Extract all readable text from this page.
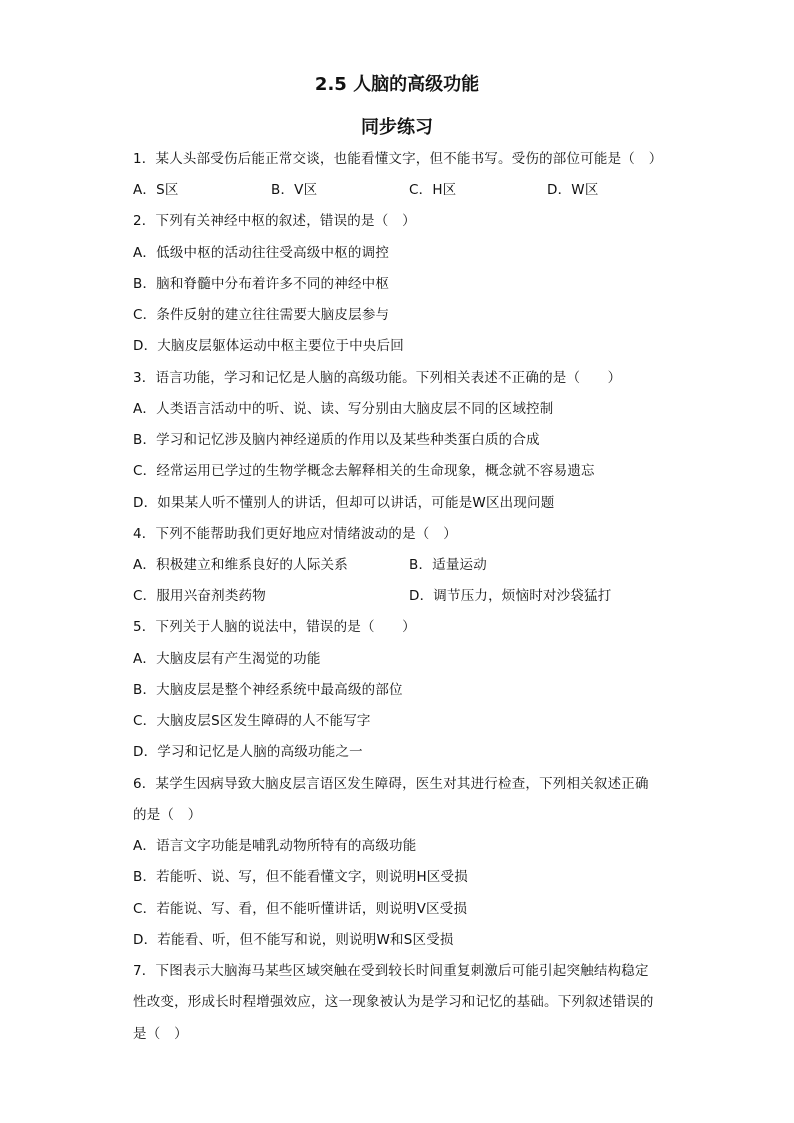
2.5 人脑的高级功能
同步练习
1．某人头部受伤后能正常交谈，也能看懂文字，但不能书写。受伤的部位可能是（　）
A．S区	B．V区	C．H区	D．W区
2．下列有关神经中枢的叙述，错误的是（　）
A．低级中枢的活动往往受高级中枢的调控
B．脑和脊髓中分布着许多不同的神经中枢
C．条件反射的建立往往需要大脑皮层参与
D．大脑皮层躯体运动中枢主要位于中央后回
3．语言功能，学习和记忆是人脑的高级功能。下列相关表述不正确的是（　　）
A．人类语言活动中的听、说、读、写分别由大脑皮层不同的区域控制
B．学习和记忆涉及脑内神经递质的作用以及某些种类蛋白质的合成
C．经常运用已学过的生物学概念去解释相关的生命现象，概念就不容易遗忘
D．如果某人听不懂别人的讲话，但却可以讲话，可能是W区出现问题
4．下列不能帮助我们更好地应对情绪波动的是（　）
A．积极建立和维系良好的人际关系	B．适量运动
C．服用兴奋剂类药物	D．调节压力，烦恼时对沙袋猛打
5．下列关于人脑的说法中，错误的是（　　）
A．大脑皮层有产生渴觉的功能
B．大脑皮层是整个神经系统中最高级的部位
C．大脑皮层S区发生障碍的人不能写字
D．学习和记忆是人脑的高级功能之一
6．某学生因病导致大脑皮层言语区发生障碍，医生对其进行检查，下列相关叙述正确
的是（　）
A．语言文字功能是哺乳动物所特有的高级功能
B．若能听、说、写，但不能看懂文字，则说明H区受损
C．若能说、写、看，但不能听懂讲话，则说明V区受损
D．若能看、听，但不能写和说，则说明W和S区受损
7．下图表示大脑海马某些区域突触在受到较长时间重复刺激后可能引起突触结构稳定
性改变，形成长时程增强效应，这一现象被认为是学习和记忆的基础。下列叙述错误的
是（　）
